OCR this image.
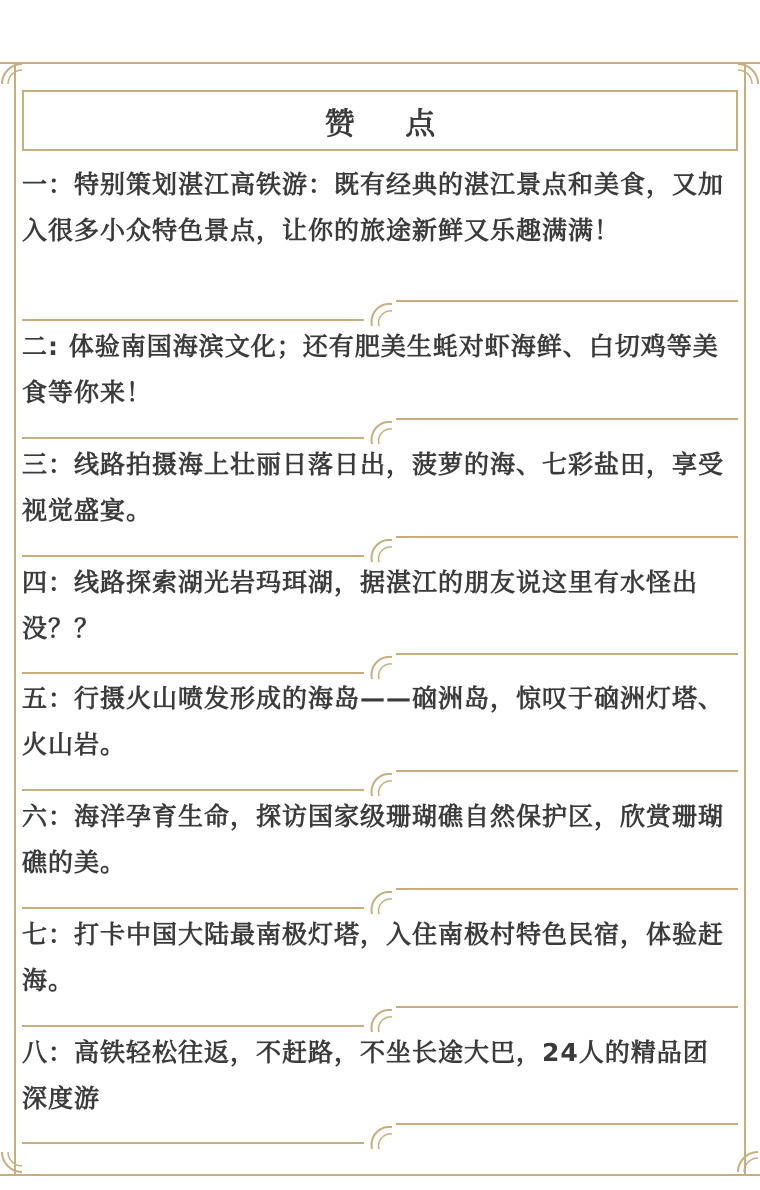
赞 点

一：特别策划湛江高铁游：既有经典的湛江景点和美食，又加入很多小众特色景点，让你的旅途新鲜又乐趣满满！

二: 体验南国海滨文化；还有肥美生蚝对虾海鲜、白切鸡等美食等你来！

三：线路拍摄海上壮丽日落日出，菠萝的海、七彩盐田，享受视觉盛宴。

四：线路探索湖光岩玛珥湖，据湛江的朋友说这里有水怪出没？？

五：行摄火山喷发形成的海岛——硇洲岛，惊叹于硇洲灯塔、火山岩。

六：海洋孕育生命，探访国家级珊瑚礁自然保护区，欣赏珊瑚礁的美。

七：打卡中国大陆最南极灯塔，入住南极村特色民宿，体验赶海。

八：高铁轻松往返，不赶路，不坐长途大巴，24人的精品团深度游
